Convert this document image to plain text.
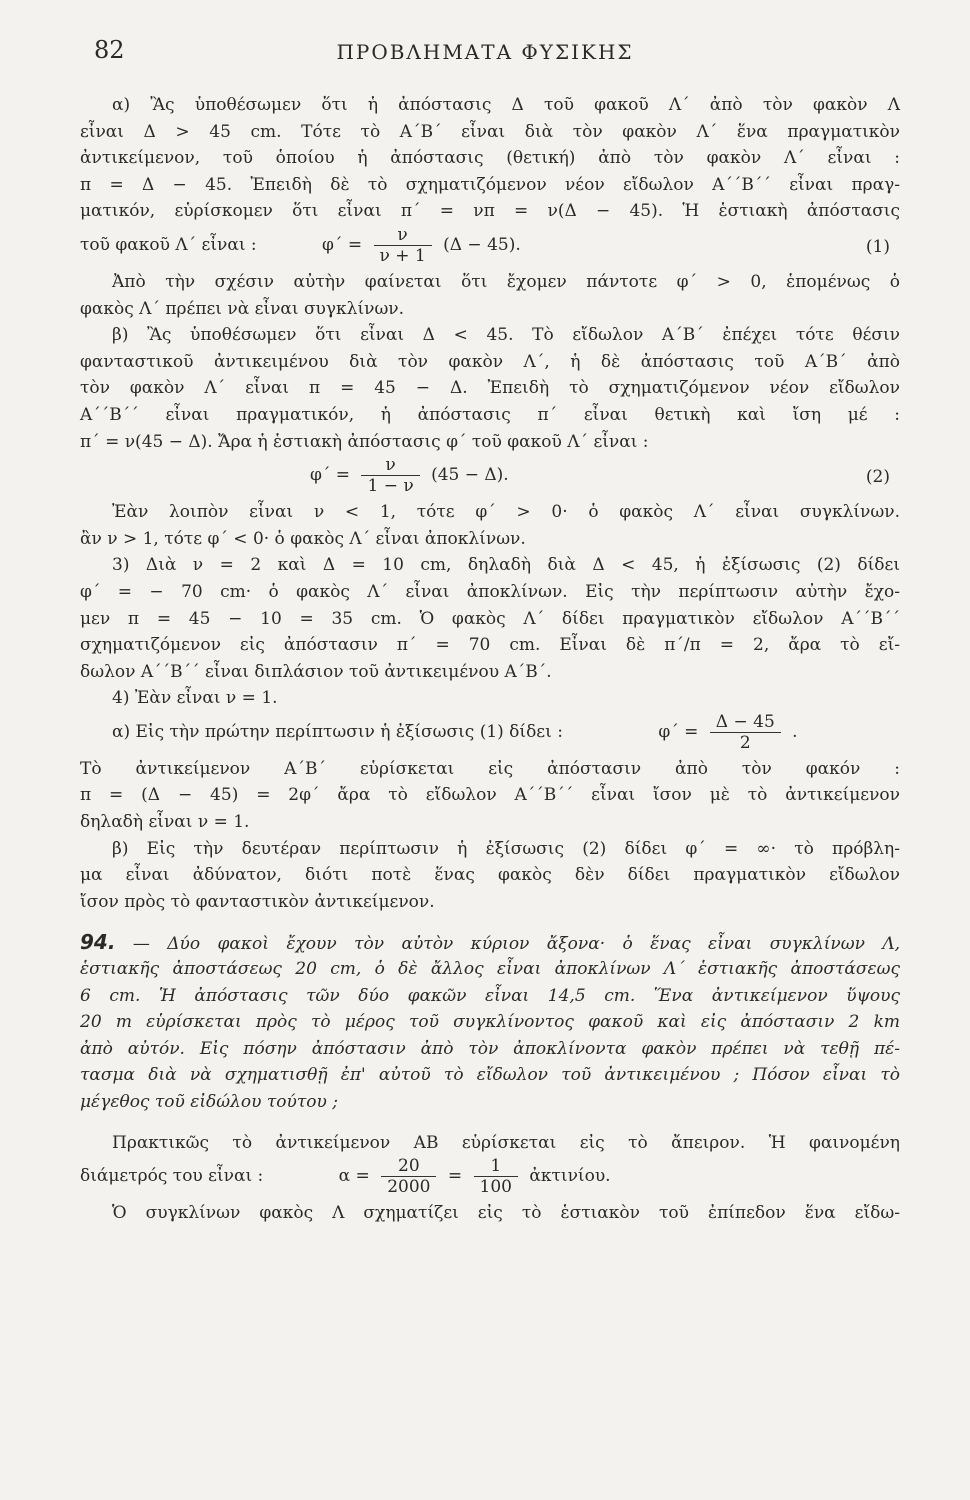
82	ΠΡΟΒΛΗΜΑΤΑ ΦΥΣΙΚΗΣ
α) Ἂς ὑποθέσωμεν ὅτι ἡ ἀπόστασις Δ τοῦ φακοῦ Λ΄ ἀπὸ τὸν φακὸν Λ
εἶναι Δ > 45 cm. Τότε τὸ Α΄Β΄ εἶναι διὰ τὸν φακὸν Λ΄ ἕνα πραγματικὸν
ἀντικείμενον, τοῦ ὁποίου ἡ ἀπόστασις (θετική) ἀπὸ τὸν φακὸν Λ΄ εἶναι :
π = Δ − 45. Ἐπειδὴ δὲ τὸ σχηματιζόμενον νέον εἴδωλον Α΄΄Β΄΄ εἶναι πραγ-
ματικόν, εὑρίσκομεν ὅτι εἶναι π΄ = νπ = ν(Δ − 45). Ἡ ἑστιακὴ ἀπόστασις
τοῦ φακοῦ Λ΄ εἶναι :	$\varphi΄ = \frac{\nu}{\nu + 1} (\Delta - 45)$.	(1)
Ἀπὸ τὴν σχέσιν αὐτὴν φαίνεται ὅτι ἔχομεν πάντοτε φ΄ > 0, ἑπομένως ὁ
φακὸς Λ΄ πρέπει νὰ εἶναι συγκλίνων.
β) Ἂς ὑποθέσωμεν ὅτι εἶναι Δ < 45. Τὸ εἴδωλον Α΄Β΄ ἐπέχει τότε θέσιν
φανταστικοῦ ἀντικειμένου διὰ τὸν φακὸν Λ΄, ἡ δὲ ἀπόστασις τοῦ Α΄Β΄ ἀπὸ
τὸν φακὸν Λ΄ εἶναι π = 45 − Δ. Ἐπειδὴ τὸ σχηματιζόμενον νέον εἴδωλον
Α΄΄Β΄΄ εἶναι πραγματικόν, ἡ ἀπόστασις π΄ εἶναι θετικὴ καὶ ἴση μέ :
π΄ = ν(45 − Δ). Ἄρα ἡ ἑστιακὴ ἀπόστασις φ΄ τοῦ φακοῦ Λ΄ εἶναι :
$\varphi΄ = \frac{\nu}{1 - \nu} (45 - \Delta)$.	(2)
Ἐὰν λοιπὸν εἶναι ν < 1, τότε φ΄ > 0· ὁ φακὸς Λ΄ εἶναι συγκλίνων.
ἂν ν > 1, τότε φ΄ < 0· ὁ φακὸς Λ΄ εἶναι ἀποκλίνων.
3) Διὰ ν = 2 καὶ Δ = 10 cm, δηλαδὴ διὰ Δ < 45, ἡ ἐξίσωσις (2) δίδει
φ΄ = − 70 cm· ὁ φακὸς Λ΄ εἶναι ἀποκλίνων. Εἰς τὴν περίπτωσιν αὐτὴν ἔχο-
μεν π = 45 − 10 = 35 cm. Ὁ φακὸς Λ΄ δίδει πραγματικὸν εἴδωλον Α΄΄Β΄΄
σχηματιζόμενον εἰς ἀπόστασιν π΄ = 70 cm. Εἶναι δὲ π΄/π = 2, ἄρα τὸ εἴ-
δωλον Α΄΄Β΄΄ εἶναι διπλάσιον τοῦ ἀντικειμένου Α΄Β΄.
4) Ἐὰν εἶναι ν = 1.
α) Εἰς τὴν πρώτην περίπτωσιν ἡ ἐξίσωσις (1) δίδει :	$\varphi΄ = \frac{\Delta - 45}{2}$ .
Τὸ ἀντικείμενον Α΄Β΄ εὑρίσκεται εἰς ἀπόστασιν ἀπὸ τὸν φακόν :
π = (Δ − 45) = 2φ΄ ἄρα τὸ εἴδωλον Α΄΄Β΄΄ εἶναι ἴσον μὲ τὸ ἀντικείμενον
δηλαδὴ εἶναι ν = 1.
β) Εἰς τὴν δευτέραν περίπτωσιν ἡ ἐξίσωσις (2) δίδει φ΄ = ∞· τὸ πρόβλη-
μα εἶναι ἀδύνατον, διότι ποτὲ ἕνας φακὸς δὲν δίδει πραγματικὸν εἴδωλον
ἴσον πρὸς τὸ φανταστικὸν ἀντικείμενον.
94. — Δύο φακοὶ ἔχουν τὸν αὐτὸν κύριον ἄξονα· ὁ ἕνας εἶναι συγκλίνων Λ,
ἑστιακῆς ἀποστάσεως 20 cm, ὁ δὲ ἄλλος εἶναι ἀποκλίνων Λ΄ ἑστιακῆς ἀποστάσεως
6 cm. Ἡ ἀπόστασις τῶν δύο φακῶν εἶναι 14,5 cm. Ἕνα ἀντικείμενον ὕψους
20 m εὑρίσκεται πρὸς τὸ μέρος τοῦ συγκλίνοντος φακοῦ καὶ εἰς ἀπόστασιν 2 km
ἀπὸ αὐτόν. Εἰς πόσην ἀπόστασιν ἀπὸ τὸν ἀποκλίνοντα φακὸν πρέπει νὰ τεθῇ πέ-
τασμα διὰ νὰ σχηματισθῇ ἐπ' αὐτοῦ τὸ εἴδωλον τοῦ ἀντικειμένου ; Πόσον εἶναι τὸ
μέγεθος τοῦ εἰδώλου τούτου ;
Πρακτικῶς τὸ ἀντικείμενον ΑΒ εὑρίσκεται εἰς τὸ ἄπειρον. Ἡ φαινομένη
διάμετρός του εἶναι :	$\alpha = \frac{20}{2000} = \frac{1}{100}$ ἀκτινίου.
Ὁ συγκλίνων φακὸς Λ σχηματίζει εἰς τὸ ἑστιακὸν τοῦ ἐπίπεδον ἕνα εἴδω-
